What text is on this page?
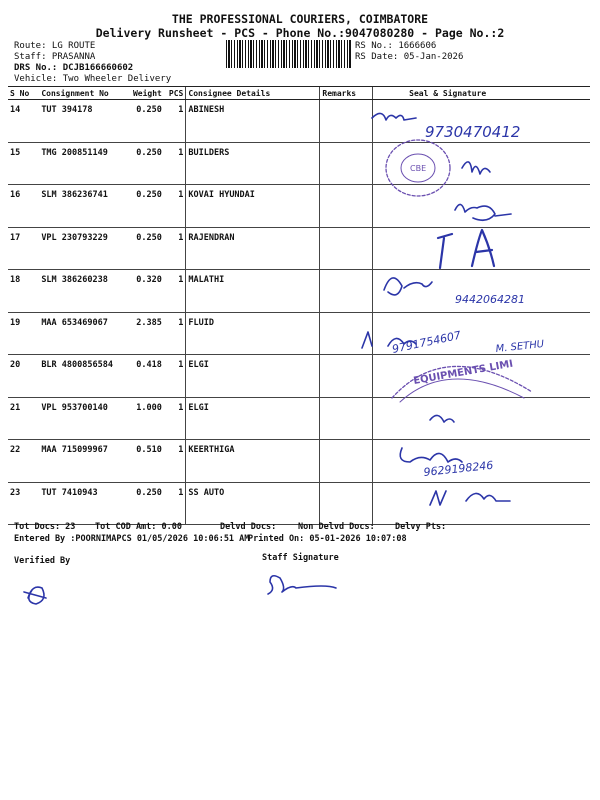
THE PROFESSIONAL COURIERS, COIMBATORE
Delivery Runsheet - PCS - Phone No.:9047080280 - Page No.:2
Route: LG ROUTE
Staff: PRASANNA
DRS No.: DCJB166660602
Vehicle: Two Wheeler Delivery
RS No.: 1666606
RS Date: 05-Jan-2026
S No	Consignment No	Weight	PCS	Consignee Details	Remarks	Seal & Signature
14	TUT 394178	0.250	1	ABINESH		
15	TMG 200851149	0.250	1	BUILDERS		
16	SLM 386236741	0.250	1	KOVAI HYUNDAI		
17	VPL 230793229	0.250	1	RAJENDRAN		
18	SLM 386260238	0.320	1	MALATHI		
19	MAA 653469067	2.385	1	FLUID		
20	BLR 4800856584	0.418	1	ELGI		
21	VPL 953700140	1.000	1	ELGI		
22	MAA 715099967	0.510	1	KEERTHIGA		
23	TUT 7410943	0.250	1	SS AUTO		
Tot Docs: 23 Tot COD Amt: 0.00	Delvd Docs:	Non Delvd Docs: Delvy Pts:
Entered By :POORNIMAPCS 01/05/2026 10:06:51 AM
Printed On: 05-01-2026 10:07:08
Verified By	Staff Signature
9730470412
9442064281
9791754607	M. SETHU
9629198246
CBE
EQUIPMENTS LIMI
